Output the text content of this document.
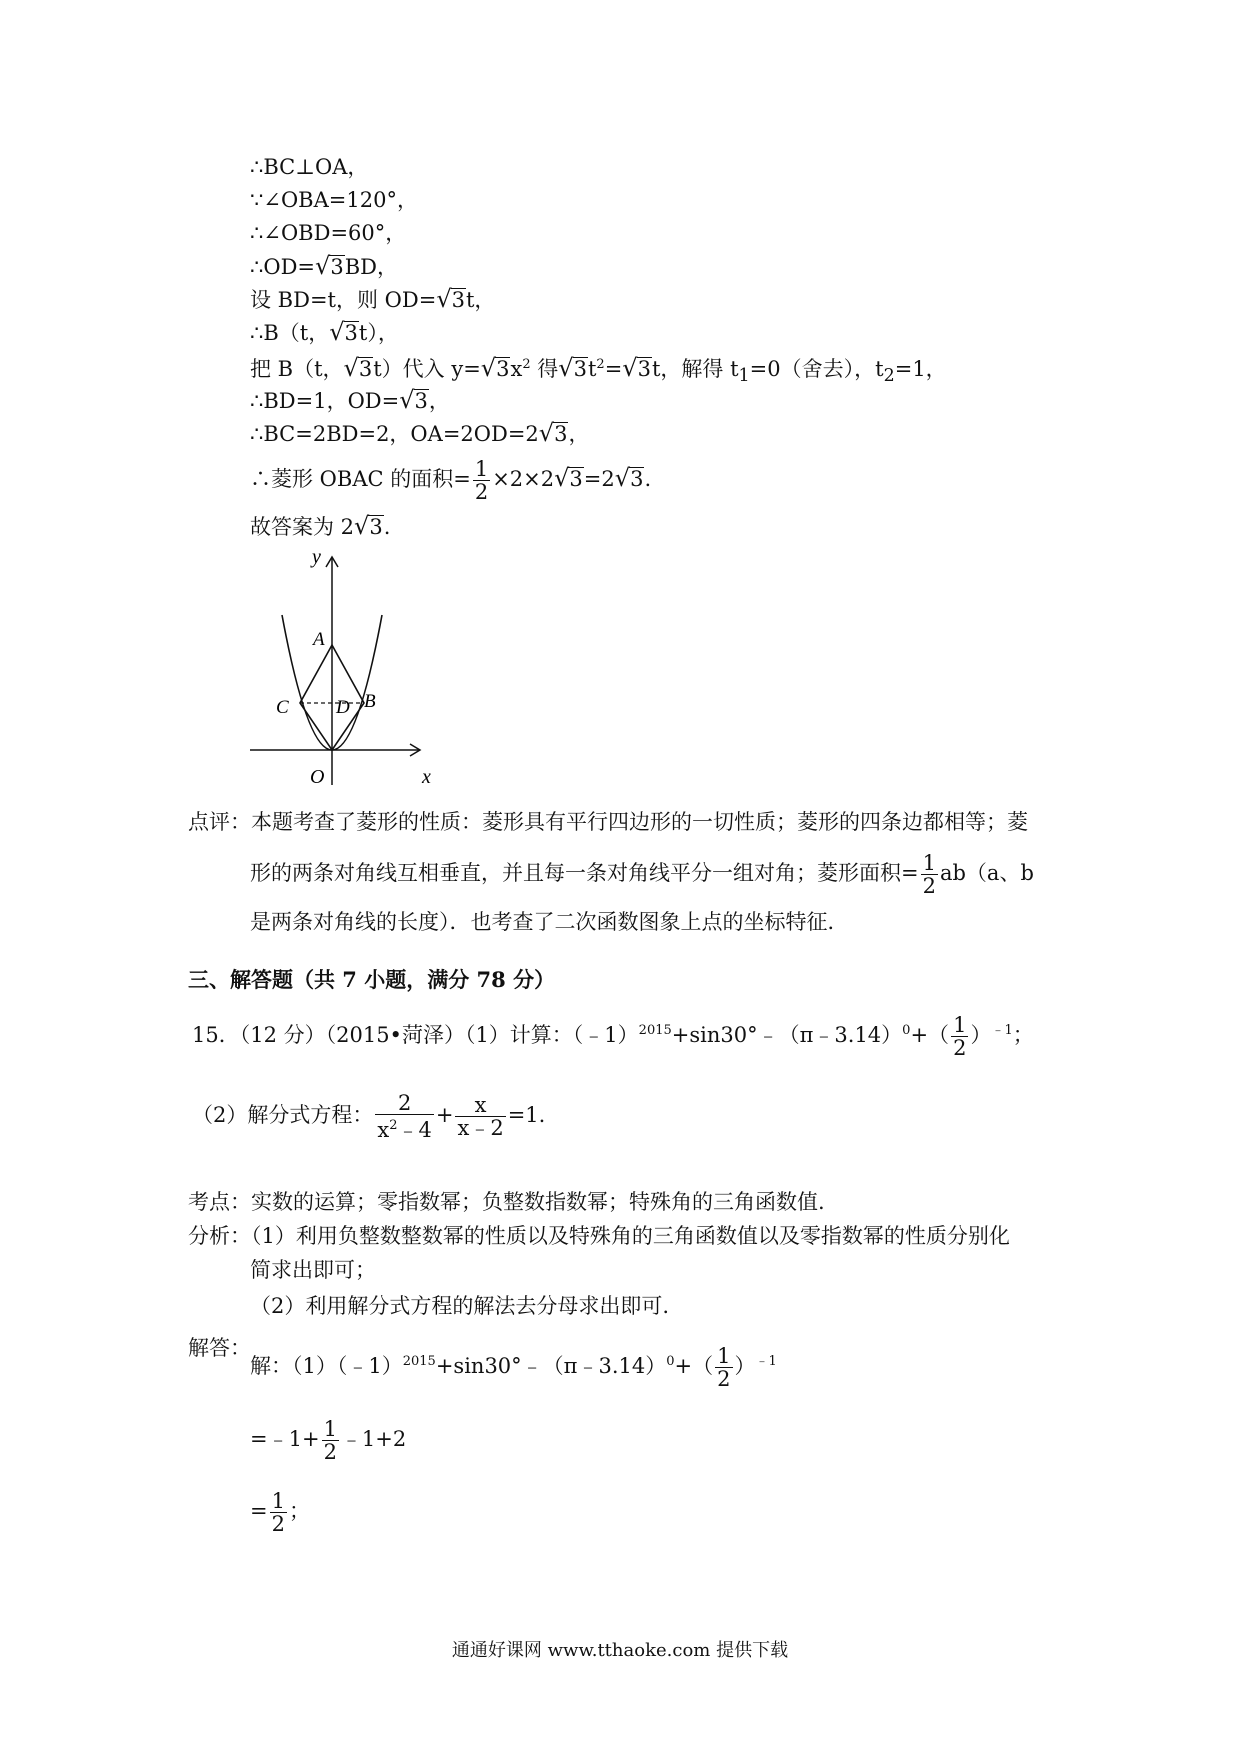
∴BC⊥OA，
∵∠OBA=120°，
∴∠OBD=60°，
∴OD=√3BD，
设 BD=t，则 OD=√3t，
∴B（t，√3t），
把 B（t，√3t）代入 $y=√3x^2$ 得$√3t^2=√3t$，解得 $t_1=0$（舍去），$t_2=1$，
∴BD=1，OD=√3，
∴BC=2BD=2，OA=2OD=2√3，
∴菱形 OBAC 的面积= $\frac{1}{2} \times 2\times 2√3=2√3$.
故答案为 2√3.
y
x
O
A
B
C D
点评：本题考查了菱形的性质：菱形具有平行四边形的一切性质；菱形的四条边都相等；菱
形的两条对角线互相垂直，并且每一条对角线平分一组对角；菱形面积= $\frac{1}{2} ab(a$、b
是两条对角线的长度）．也考查了二次函数图象上点的坐标特征．
三、解答题（共 7 小题，满分 78 分）
15．（12 分）（2015•菏泽）（1）计算：（﹣1）$^{2015}$+sin30°﹣（π﹣3.14）$^0$+（ $\frac{1}{2} )^{﹣1}$；
（2）解分式方程： $\frac{2}{x^2﹣4} + \frac{x}{x﹣2} =1$.
考点：实数的运算；零指数幂；负整数指数幂；特殊角的三角函数值.
分析：（1）利用负整数整数幂的性质以及特殊角的三角函数值以及零指数幂的性质分别化
简求出即可；
（2）利用解分式方程的解法去分母求出即可.
解答：
解：（1）（﹣1）$^{2015}$+sin30°﹣（π﹣3.14）$^0$+（ $\frac{1}{2} )^{﹣1}$
=﹣1+ $\frac{1}{2}$ ﹣1+2
= $\frac{1}{2}$ ；
通通好课网 www.tthaoke.com 提供下载
